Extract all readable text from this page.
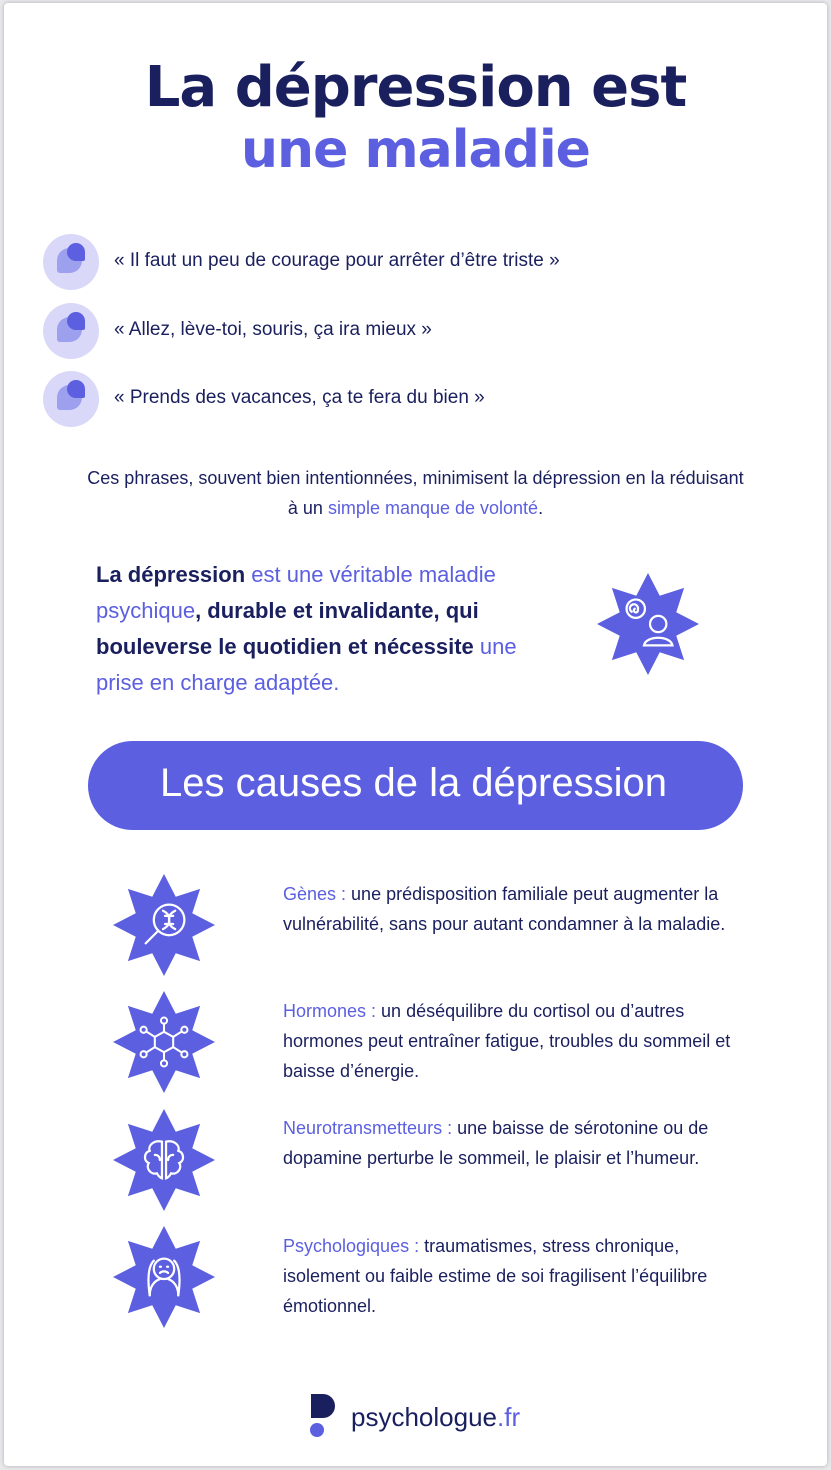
La dépression est
une maladie
« Il faut un peu de courage pour arrêter d’être triste »
« Allez, lève-toi, souris, ça ira mieux »
« Prends des vacances, ça te fera du bien »
Ces phrases, souvent bien intentionnées, minimisent la dépression en la réduisant à un simple manque de volonté.
La dépression est une véritable maladie psychique, durable et invalidante, qui bouleverse le quotidien et nécessite une prise en charge adaptée.
Les causes de la dépression
Gènes : une prédisposition familiale peut augmenter la vulnérabilité, sans pour autant condamner à la maladie.
Hormones : un déséquilibre du cortisol ou d’autres hormones peut entraîner fatigue, troubles du sommeil et baisse d’énergie.
Neurotransmetteurs : une baisse de sérotonine ou de dopamine perturbe le sommeil, le plaisir et l’humeur.
Psychologiques : traumatismes, stress chronique, isolement ou faible estime de soi fragilisent l’équilibre émotionnel.
psychologue.fr
